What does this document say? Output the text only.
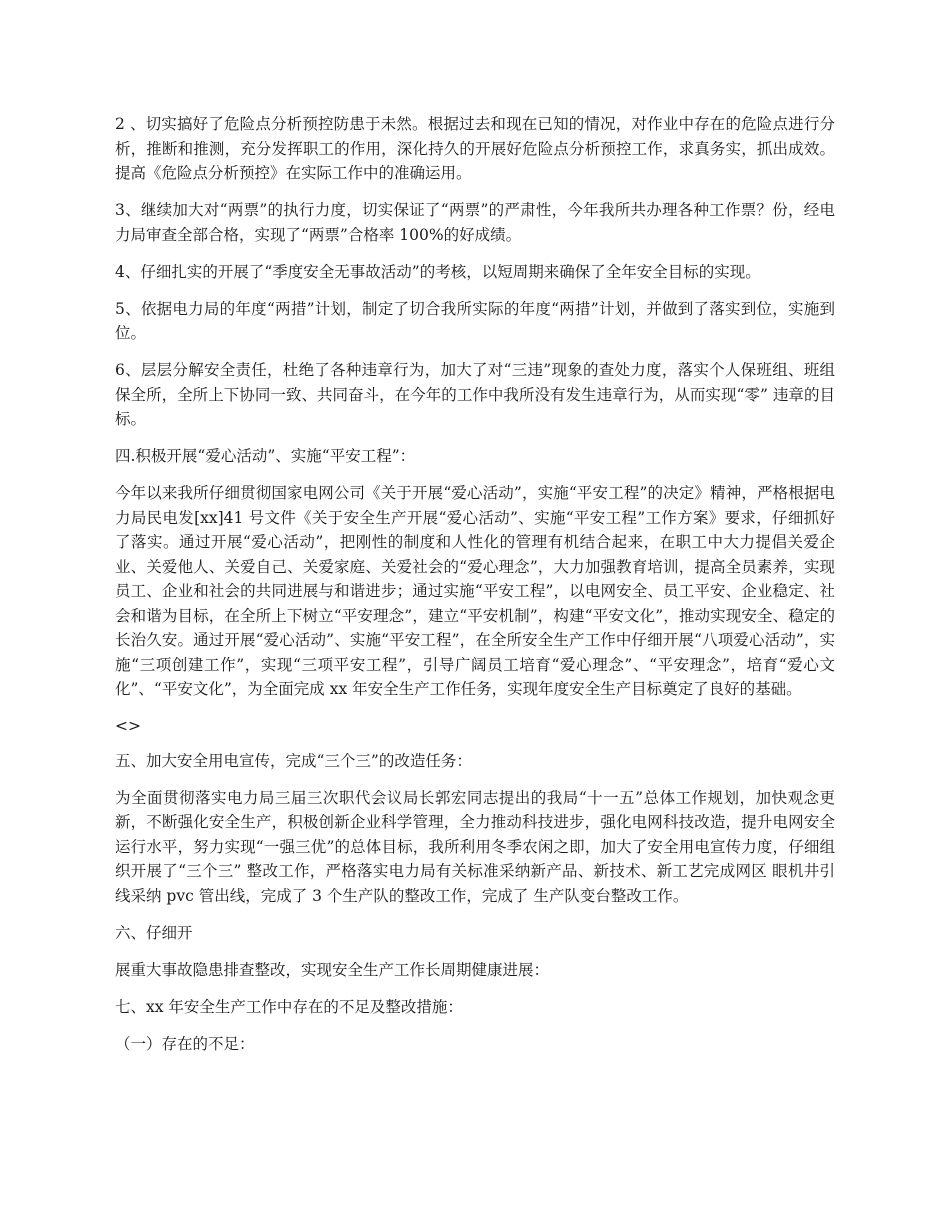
2 、切实搞好了危险点分析预控防患于未然。根据过去和现在已知的情况，对作业中存在的危险点进行分析，推断和推测，充分发挥职工的作用，深化持久的开展好危险点分析预控工作，求真务实，抓出成效。提高《危险点分析预控》在实际工作中的准确运用。

3、继续加大对“两票”的执行力度，切实保证了“两票”的严肃性，今年我所共办理各种工作票？份，经电力局审查全部合格，实现了“两票”合格率 100%的好成绩。

4、仔细扎实的开展了“季度安全无事故活动”的考核，以短周期来确保了全年安全目标的实现。

5、依据电力局的年度“两措”计划，制定了切合我所实际的年度“两措”计划，并做到了落实到位，实施到位。

6、层层分解安全责任，杜绝了各种违章行为，加大了对“三违”现象的查处力度，落实个人保班组、班组保全所，全所上下协同一致、共同奋斗，在今年的工作中我所没有发生违章行为，从而实现“零” 违章的目标。

四.积极开展“爱心活动”、实施“平安工程”：

今年以来我所仔细贯彻国家电网公司《关于开展“爱心活动”，实施“平安工程”的决定》精神，严格根据电力局民电发[xx]41 号文件《关于安全生产开展“爱心活动”、实施“平安工程”工作方案》要求，仔细抓好了落实。通过开展“爱心活动”，把刚性的制度和人性化的管理有机结合起来，在职工中大力提倡关爱企业、关爱他人、关爱自己、关爱家庭、关爱社会的“爱心理念”，大力加强教育培训，提高全员素养，实现员工、企业和社会的共同进展与和谐进步；通过实施“平安工程”，以电网安全、员工平安、企业稳定、社会和谐为目标，在全所上下树立“平安理念”，建立“平安机制”，构建“平安文化”，推动实现安全、稳定的长治久安。通过开展“爱心活动”、实施“平安工程”，在全所安全生产工作中仔细开展“八项爱心活动”，实施“三项创建工作”，实现“三项平安工程”，引导广阔员工培育“爱心理念”、“平安理念”，培育“爱心文化”、“平安文化”，为全面完成 xx 年安全生产工作任务，实现年度安全生产目标奠定了良好的基础。

<>

五、加大安全用电宣传，完成“三个三”的改造任务：

为全面贯彻落实电力局三届三次职代会议局长郭宏同志提出的我局“十一五”总体工作规划，加快观念更新，不断强化安全生产，积极创新企业科学管理，全力推动科技进步，强化电网科技改造，提升电网安全运行水平，努力实现“一强三优”的总体目标，我所利用冬季农闲之即，加大了安全用电宣传力度，仔细组织开展了“三个三” 整改工作，严格落实电力局有关标准采纳新产品、新技术、新工艺完成网区 眼机井引线采纳 pvc 管出线，完成了 3 个生产队的整改工作，完成了 生产队变台整改工作。

六、仔细开

展重大事故隐患排查整改，实现安全生产工作长周期健康进展：

七、xx 年安全生产工作中存在的不足及整改措施：

（一）存在的不足：
